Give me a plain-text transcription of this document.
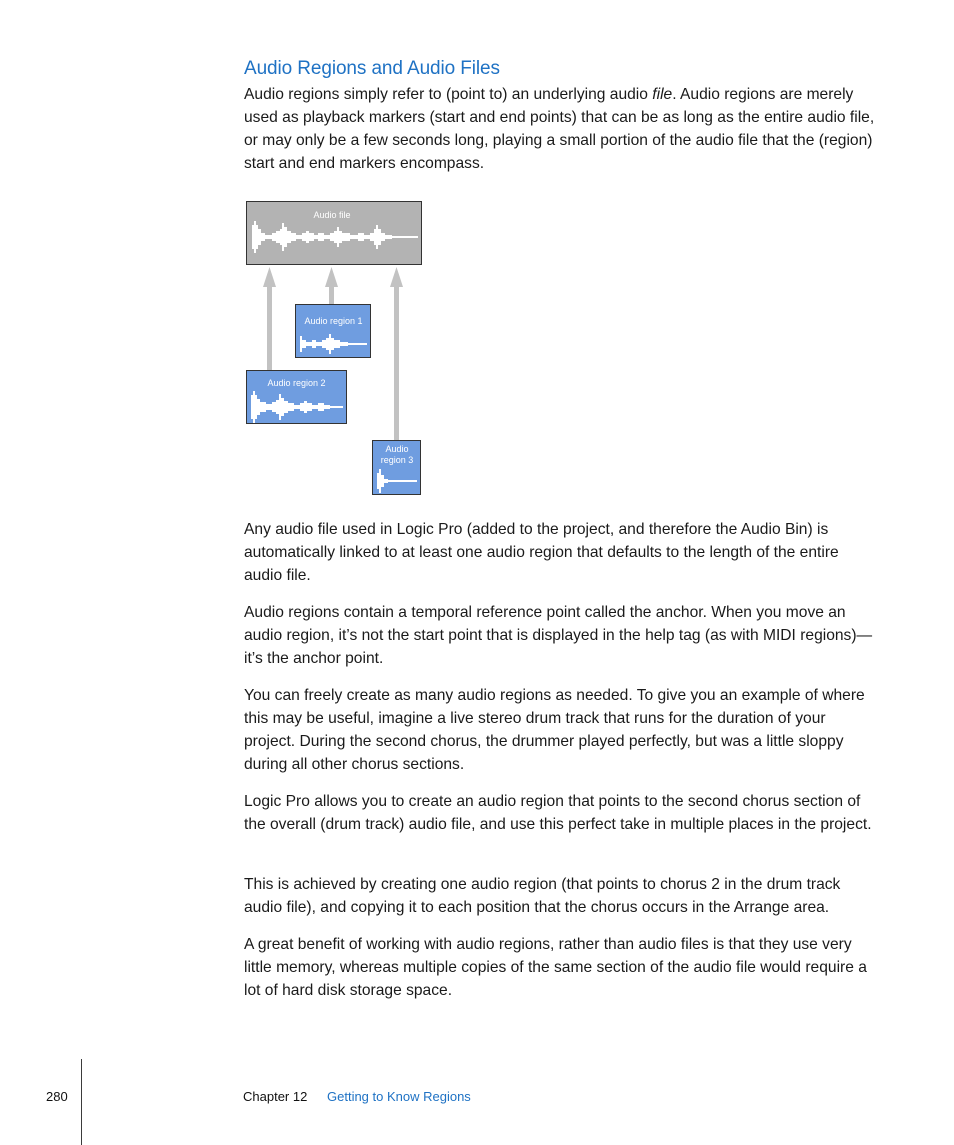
Audio Regions and Audio Files

Audio regions simply refer to (point to) an underlying audio file. Audio regions are merely used as playback markers (start and end points) that can be as long as the entire audio file, or may only be a few seconds long, playing a small portion of the audio file that the (region) start and end markers encompass.

Audio file
Audio region 1
Audio region 2
Audio region 3

Any audio file used in Logic Pro (added to the project, and therefore the Audio Bin) is automatically linked to at least one audio region that defaults to the length of the entire audio file.

Audio regions contain a temporal reference point called the anchor. When you move an audio region, it’s not the start point that is displayed in the help tag (as with MIDI regions)—it’s the anchor point.

You can freely create as many audio regions as needed. To give you an example of where this may be useful, imagine a live stereo drum track that runs for the duration of your project. During the second chorus, the drummer played perfectly, but was a little sloppy during all other chorus sections.

Logic Pro allows you to create an audio region that points to the second chorus section of the overall (drum track) audio file, and use this perfect take in multiple places in the project.

This is achieved by creating one audio region (that points to chorus 2 in the drum track audio file), and copying it to each position that the chorus occurs in the Arrange area.

A great benefit of working with audio regions, rather than audio files is that they use very little memory, whereas multiple copies of the same section of the audio file would require a lot of hard disk storage space.

280	Chapter 12 Getting to Know Regions
